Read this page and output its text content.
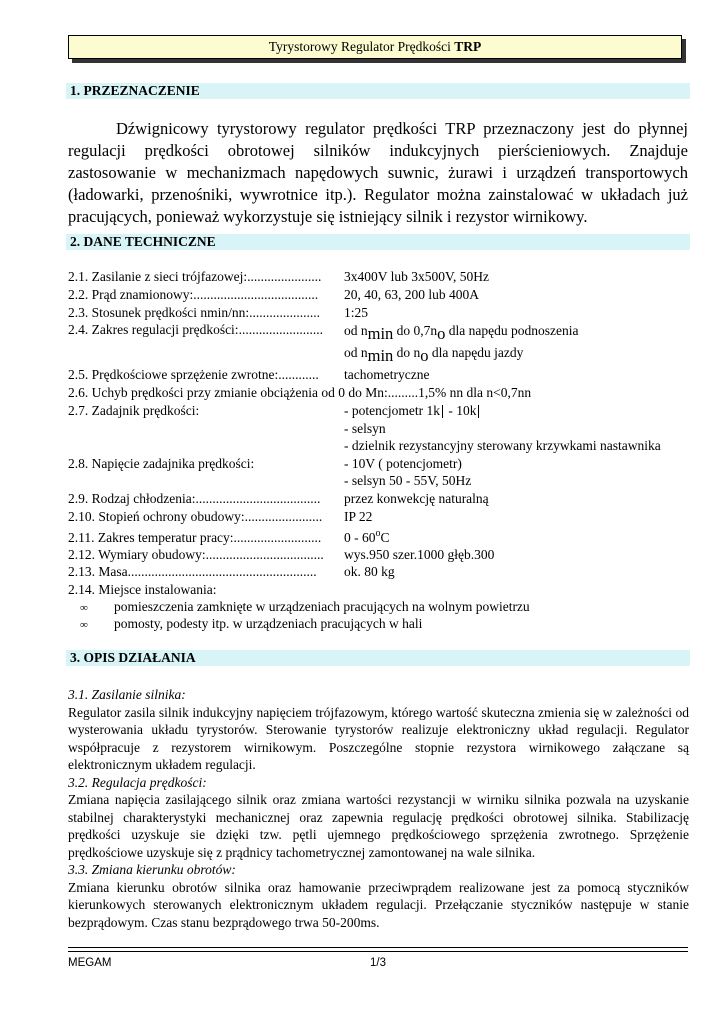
Tyrystorowy Regulator Prędkości TRP
1. PRZEZNACZENIE

Dźwignicowy tyrystorowy regulator prędkości TRP przeznaczony jest do płynnej regulacji prędkości obrotowej silników indukcyjnych pierścieniowych. Znajduje zastosowanie w mechanizmach napędowych suwnic, żurawi i urządzeń transportowych (ładowarki, przenośniki, wywrotnice itp.). Regulator można zainstalować w układach już pracujących, ponieważ wykorzystuje się istniejący silnik i rezystor wirnikowy.

2. DANE TECHNICZNE
2.1. Zasilanie z sieci trójfazowej:...................... 3x400V lub 3x500V, 50Hz
2.2. Prąd znamionowy:..................................... 20, 40, 63, 200 lub 400A
2.3. Stosunek prędkości nmin/nn:..................... 1:25
2.4. Zakres regulacji prędkości:......................... od nmin do 0,7no dla napędu podnoszenia
od nmin do no dla napędu jazdy
2.5. Prędkościowe sprzężenie zwrotne:............ tachometryczne
2.6. Uchyb prędkości przy zmianie obciążenia od 0 do Mn:.........1,5% nn dla n<0,7nn
2.7. Zadajnik prędkości:	- potencjometr 1k - 10k
- selsyn
- dzielnik rezystancyjny sterowany krzywkami nastawnika
2.8. Napięcie zadajnika prędkości:	- 10V ( potencjometr)
- selsyn 50 - 55V, 50Hz
2.9. Rodzaj chłodzenia:..................................... przez konwekcję naturalną
2.10. Stopień ochrony obudowy:....................... IP 22
2.11. Zakres temperatur pracy:.......................... 0 - 60$^o$C
2.12. Wymiary obudowy:................................... wys.950 szer.1000 głęb.300
2.13. Masa........................................................ ok. 80 kg
2.14. Miejsce instalowania:
∞ pomieszczenia zamknięte w urządzeniach pracujących na wolnym powietrzu
∞ pomosty, podesty itp. w urządzeniach pracujących w hali
3. OPIS DZIAŁANIA
3.1. Zasilanie silnika:

Regulator zasila silnik indukcyjny napięciem trójfazowym, którego wartość skuteczna zmienia się w zależności od wysterowania układu tyrystorów. Sterowanie tyrystorów realizuje elektroniczny układ regulacji. Regulator współpracuje z rezystorem wirnikowym. Poszczególne stopnie rezystora wirnikowego załączane są elektronicznym układem regulacji.

3.2. Regulacja prędkości:

Zmiana napięcia zasilającego silnik oraz zmiana wartości rezystancji w wirniku silnika pozwala na uzyskanie stabilnej charakterystyki mechanicznej oraz zapewnia regulację prędkości obrotowej silnika. Stabilizację prędkości uzyskuje sie dzięki tzw. pętli ujemnego prędkościowego sprzężenia zwrotnego. Sprzężenie prędkościowe uzyskuje się z prądnicy tachometrycznej zamontowanej na wale silnika.

3.3. Zmiana kierunku obrotów:

Zmiana kierunku obrotów silnika oraz hamowanie przeciwprądem realizowane jest za pomocą styczników kierunkowych sterowanych elektronicznym układem regulacji. Przełączanie styczników następuje w stanie bezprądowym. Czas stanu bezprądowego trwa 50-200ms.

MEGAM	1/3
